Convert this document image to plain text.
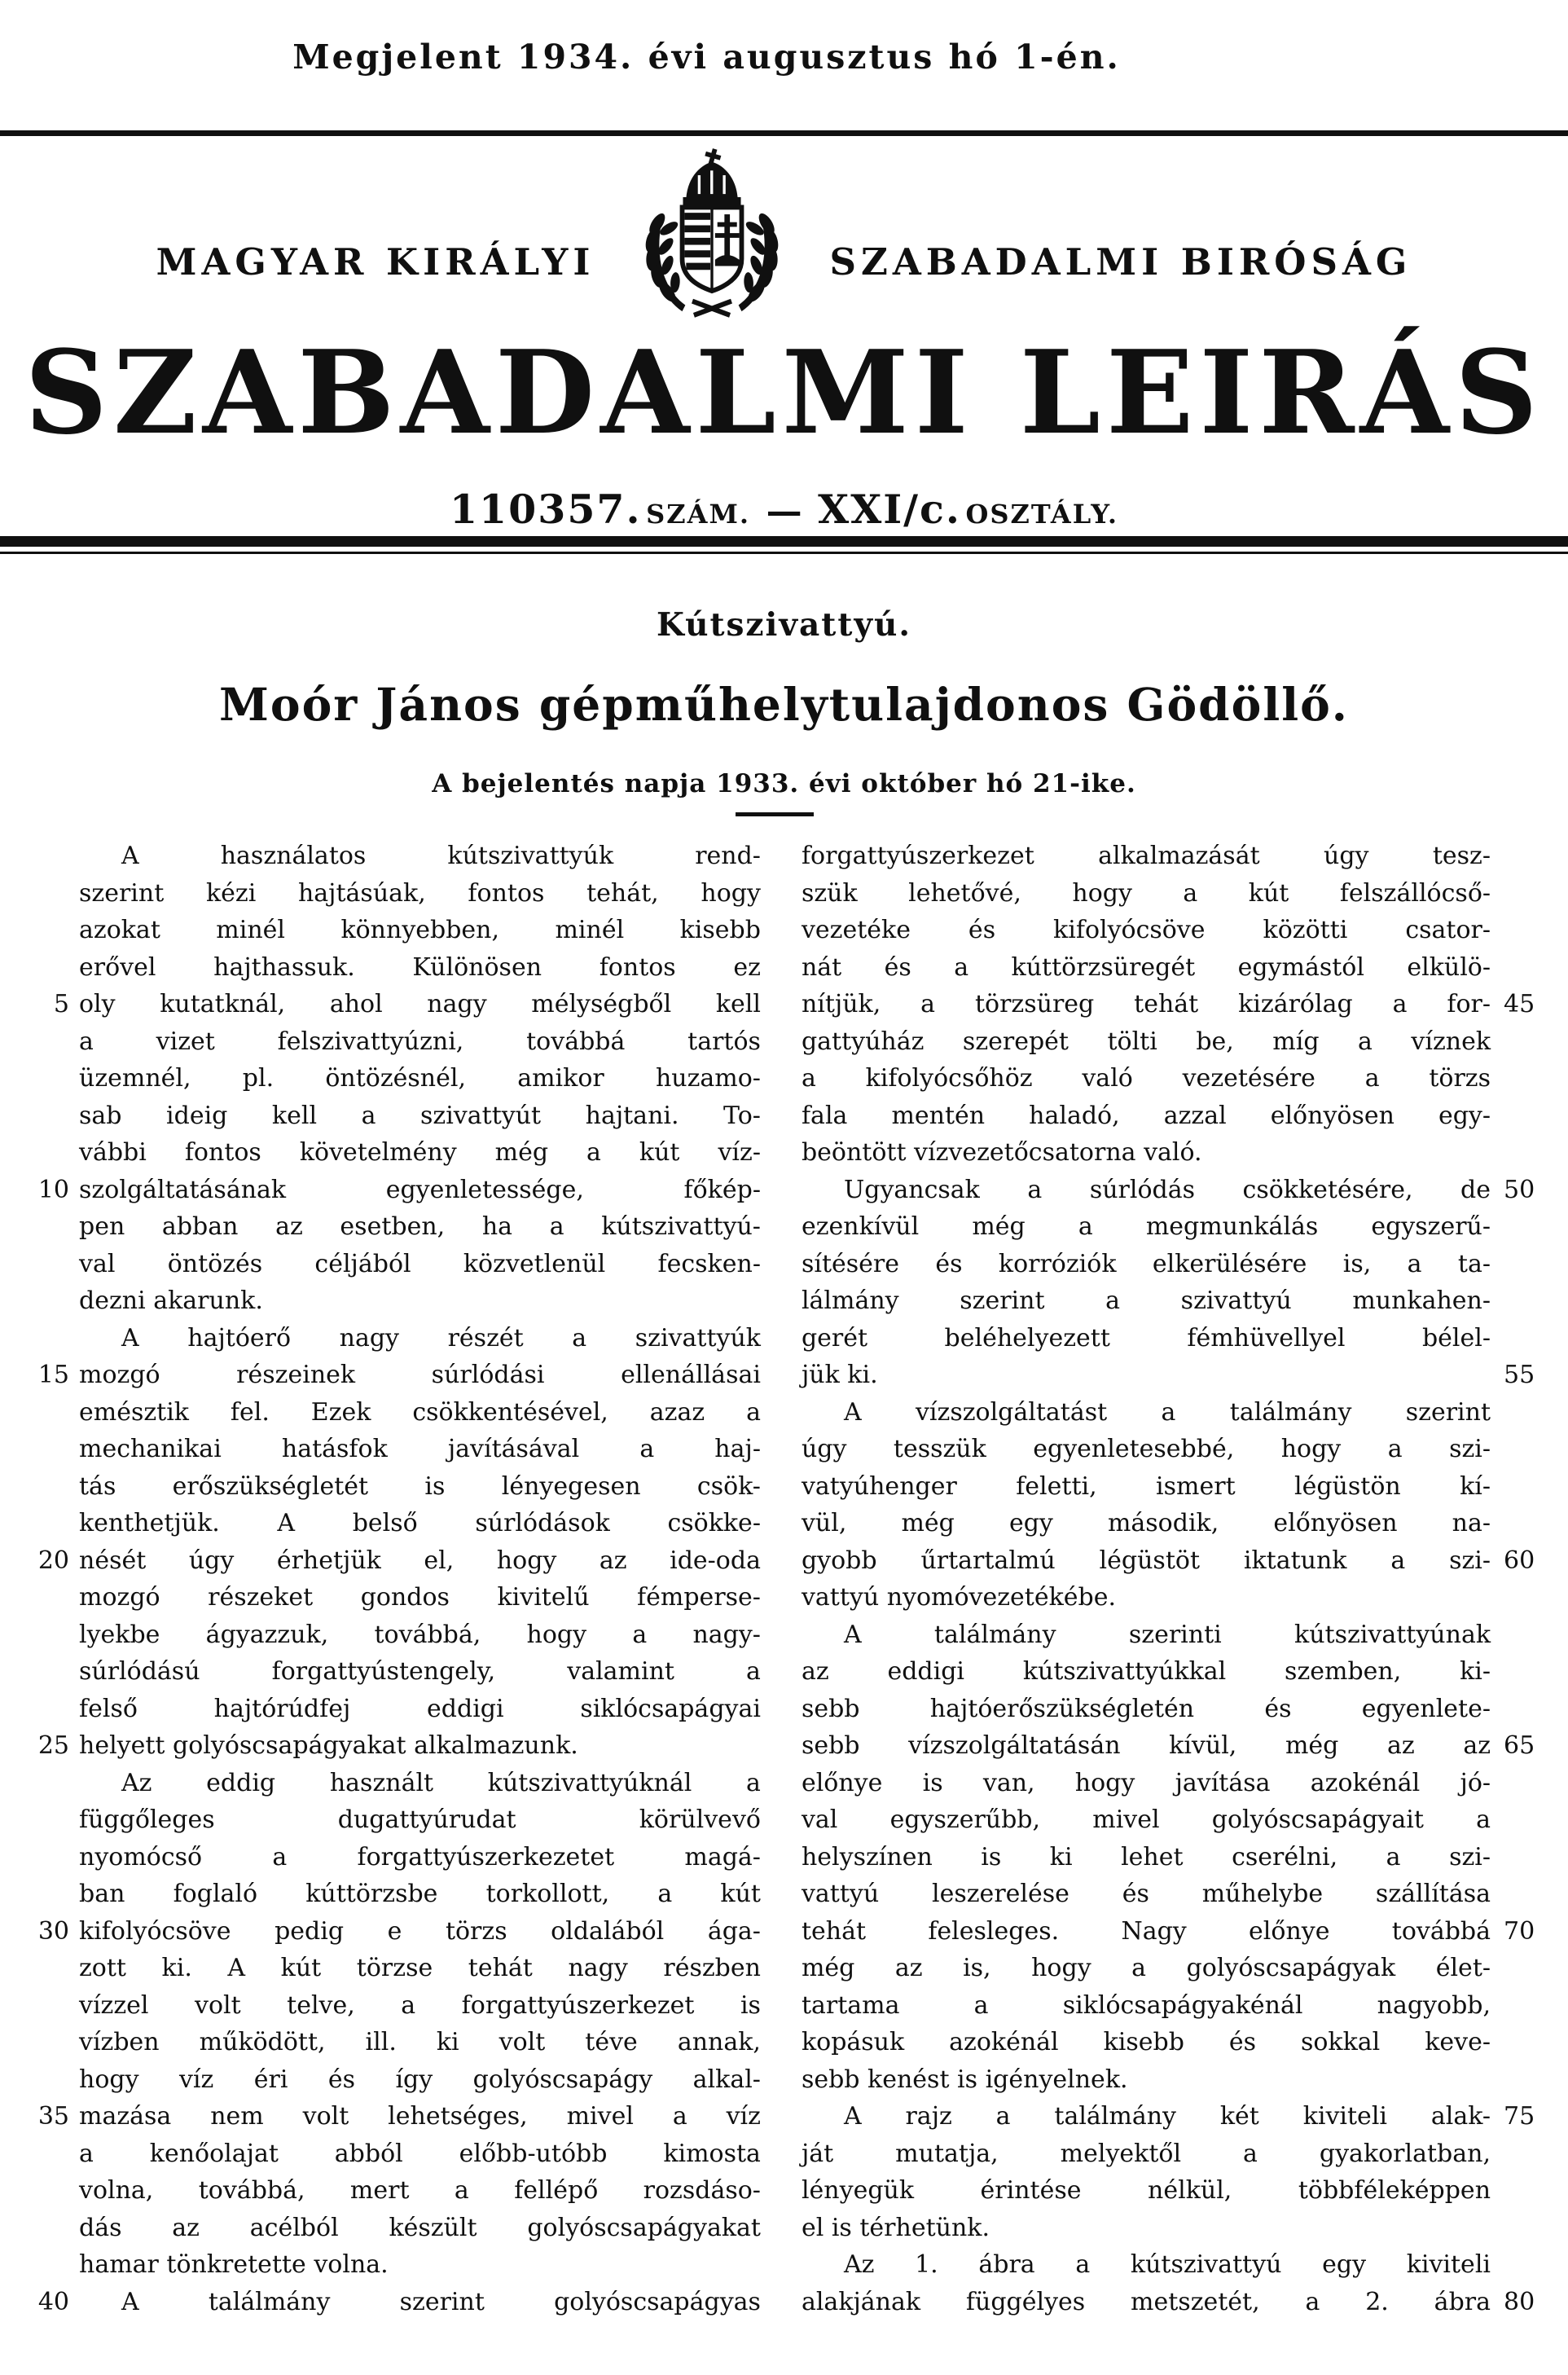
Megjelent 1934. évi augusztus hó 1-én.
MAGYAR KIRÁLYI	SZABADALMI BIRÓSÁG
SZABADALMI LEIRÁS
110357. SZÁM. — XXI/c. OSZTÁLY.
Kútszivattyú.
Moór János gépműhelytulajdonos Gödöllő.
A bejelentés napja 1933. évi október hó 21-ike.
A használatos kútszivattyúk rend-
szerint kézi hajtásúak, fontos tehát, hogy
azokat minél könnyebben, minél kisebb
erővel hajthassuk. Különösen fontos ez
5 oly kutatknál, ahol nagy mélységből kell
a vizet felszivattyúzni, továbbá tartós
üzemnél, pl. öntözésnél, amikor huzamo-
sab ideig kell a szivattyút hajtani. To-
vábbi fontos követelmény még a kút víz-
10 szolgáltatásának egyenletessége, főkép-
pen abban az esetben, ha a kútszivattyú-
val öntözés céljából közvetlenül fecsken-
dezni akarunk.
A hajtóerő nagy részét a szivattyúk
15 mozgó részeinek súrlódási ellenállásai
emésztik fel. Ezek csökkentésével, azaz a
mechanikai hatásfok javításával a haj-
tás erőszükségletét is lényegesen csök-
kenthetjük. A belső súrlódások csökke-
20 nését úgy érhetjük el, hogy az ide-oda
mozgó részeket gondos kivitelű fémperse-
lyekbe ágyazzuk, továbbá, hogy a nagy-
súrlódású forgattyústengely, valamint a
felső hajtórúdfej eddigi siklócsapágyai
25 helyett golyóscsapágyakat alkalmazunk.
Az eddig használt kútszivattyúknál a
függőleges dugattyúrudat körülvevő
nyomócső a forgattyúszerkezetet magá-
ban foglaló kúttörzsbe torkollott, a kút
30 kifolyócsöve pedig e törzs oldalából ága-
zott ki. A kút törzse tehát nagy részben
vízzel volt telve, a forgattyúszerkezet is
vízben működött, ill. ki volt téve annak,
hogy víz éri és így golyóscsapágy alkal-
35 mazása nem volt lehetséges, mivel a víz
a kenőolajat abból előbb-utóbb kimosta
volna, továbbá, mert a fellépő rozsdáso-
dás az acélból készült golyóscsapágyakat
hamar tönkretette volna.
40	A találmány szerint golyóscsapágyas
forgattyúszerkezet alkalmazását úgy tesz-
szük lehetővé, hogy a kút felszállócső-
vezetéke és kifolyócsöve közötti csator-
nát és a kúttörzsüregét egymástól elkülö-
nítjük, a törzsüreg tehát kizárólag a for- 45
gattyúház szerepét tölti be, míg a víznek
a kifolyócsőhöz való vezetésére a törzs
fala mentén haladó, azzal előnyösen egy-
beöntött vízvezetőcsatorna való.
Ugyancsak a súrlódás csökketésére, de 50
ezenkívül még a megmunkálás egyszerű-
sítésére és korróziók elkerülésére is, a ta-
lálmány szerint a szivattyú munkahen-
gerét beléhelyezett fémhüvellyel bélel-
jük ki.	55
A vízszolgáltatást a találmány szerint
úgy tesszük egyenletesebbé, hogy a szi-
vatyúhenger feletti, ismert légüstön kí-
vül, még egy második, előnyösen na-
gyobb űrtartalmú légüstöt iktatunk a szi- 60
vattyú nyomóvezetékébe.
A találmány szerinti kútszivattyúnak
az eddigi kútszivattyúkkal szemben, ki-
sebb hajtóerőszükségletén és egyenlete-
sebb vízszolgáltatásán kívül, még az az 65
előnye is van, hogy javítása azokénál jó-
val egyszerűbb, mivel golyóscsapágyait a
helyszínen is ki lehet cserélni, a szi-
vattyú leszerelése és műhelybe szállítása
tehát felesleges. Nagy előnye továbbá 70
még az is, hogy a golyóscsapágyak élet-
tartama a siklócsapágyakénál nagyobb,
kopásuk azokénál kisebb és sokkal keve-
sebb kenést is igényelnek.
A rajz a találmány két kiviteli alak- 75
ját mutatja, melyektől a gyakorlatban,
lényegük érintése nélkül, többféleképpen
el is térhetünk.
Az 1. ábra a kútszivattyú egy kiviteli
alakjának függélyes metszetét, a 2. ábra 80
